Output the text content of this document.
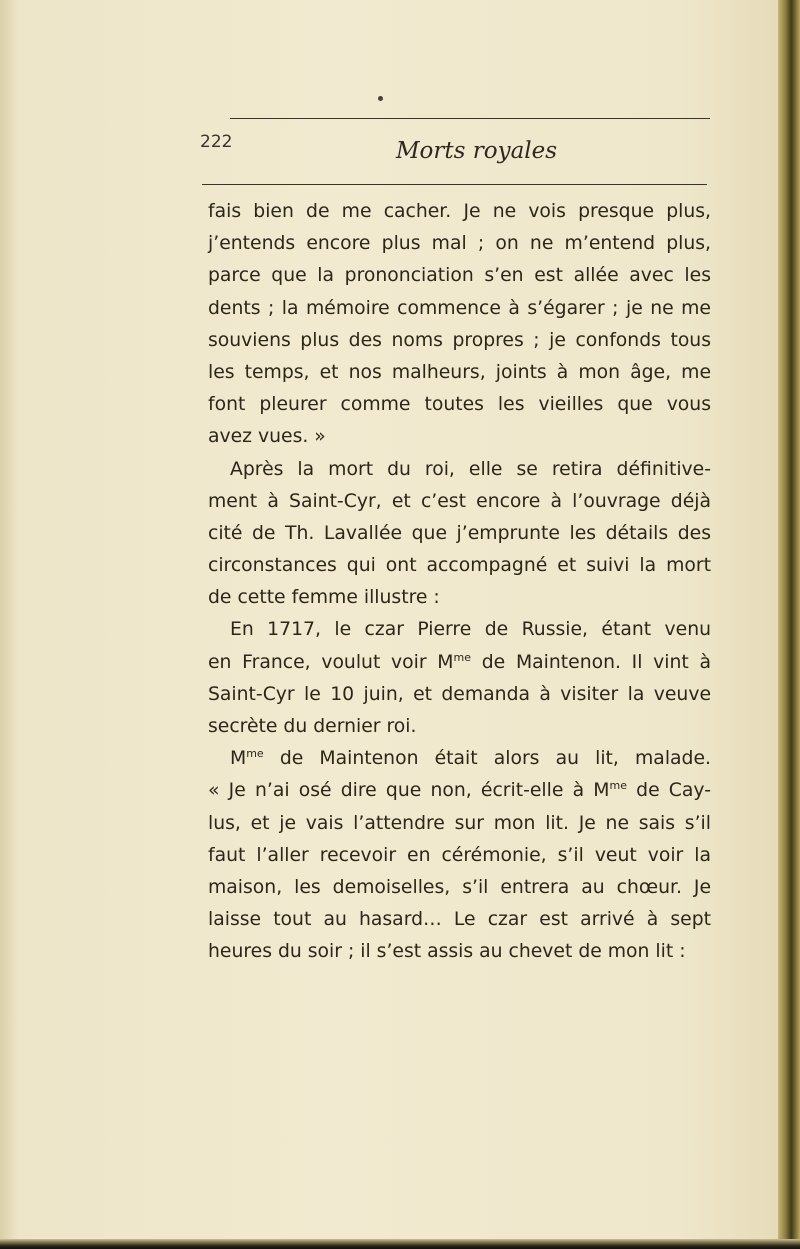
222	Morts royales
fais bien de me cacher. Je ne vois presque plus,
j’entends encore plus mal ; on ne m’entend plus,
parce que la prononciation s’en est allée avec les
dents ; la mémoire commence à s’égarer ; je ne me
souviens plus des noms propres ; je confonds tous
les temps, et nos malheurs, joints à mon âge, me
font pleurer comme toutes les vieilles que vous
avez vues. »
Après la mort du roi, elle se retira définitive-
ment à Saint-Cyr, et c’est encore à l’ouvrage déjà
cité de Th. Lavallée que j’emprunte les détails des
circonstances qui ont accompagné et suivi la mort
de cette femme illustre :
En 1717, le czar Pierre de Russie, étant venu
en France, voulut voir $M^{me}$ de Maintenon. Il vint à
Saint-Cyr le 10 juin, et demanda à visiter la veuve
secrète du dernier roi.
$M^{me}$ de Maintenon était alors au lit, malade.
« Je n’ai osé dire que non, écrit-elle à $M^{me}$ de Cay-
lus, et je vais l’attendre sur mon lit. Je ne sais s’il
faut l’aller recevoir en cérémonie, s’il veut voir la
maison, les demoiselles, s’il entrera au chœur. Je
laisse tout au hasard… Le czar est arrivé à sept
heures du soir ; il s’est assis au chevet de mon lit :
